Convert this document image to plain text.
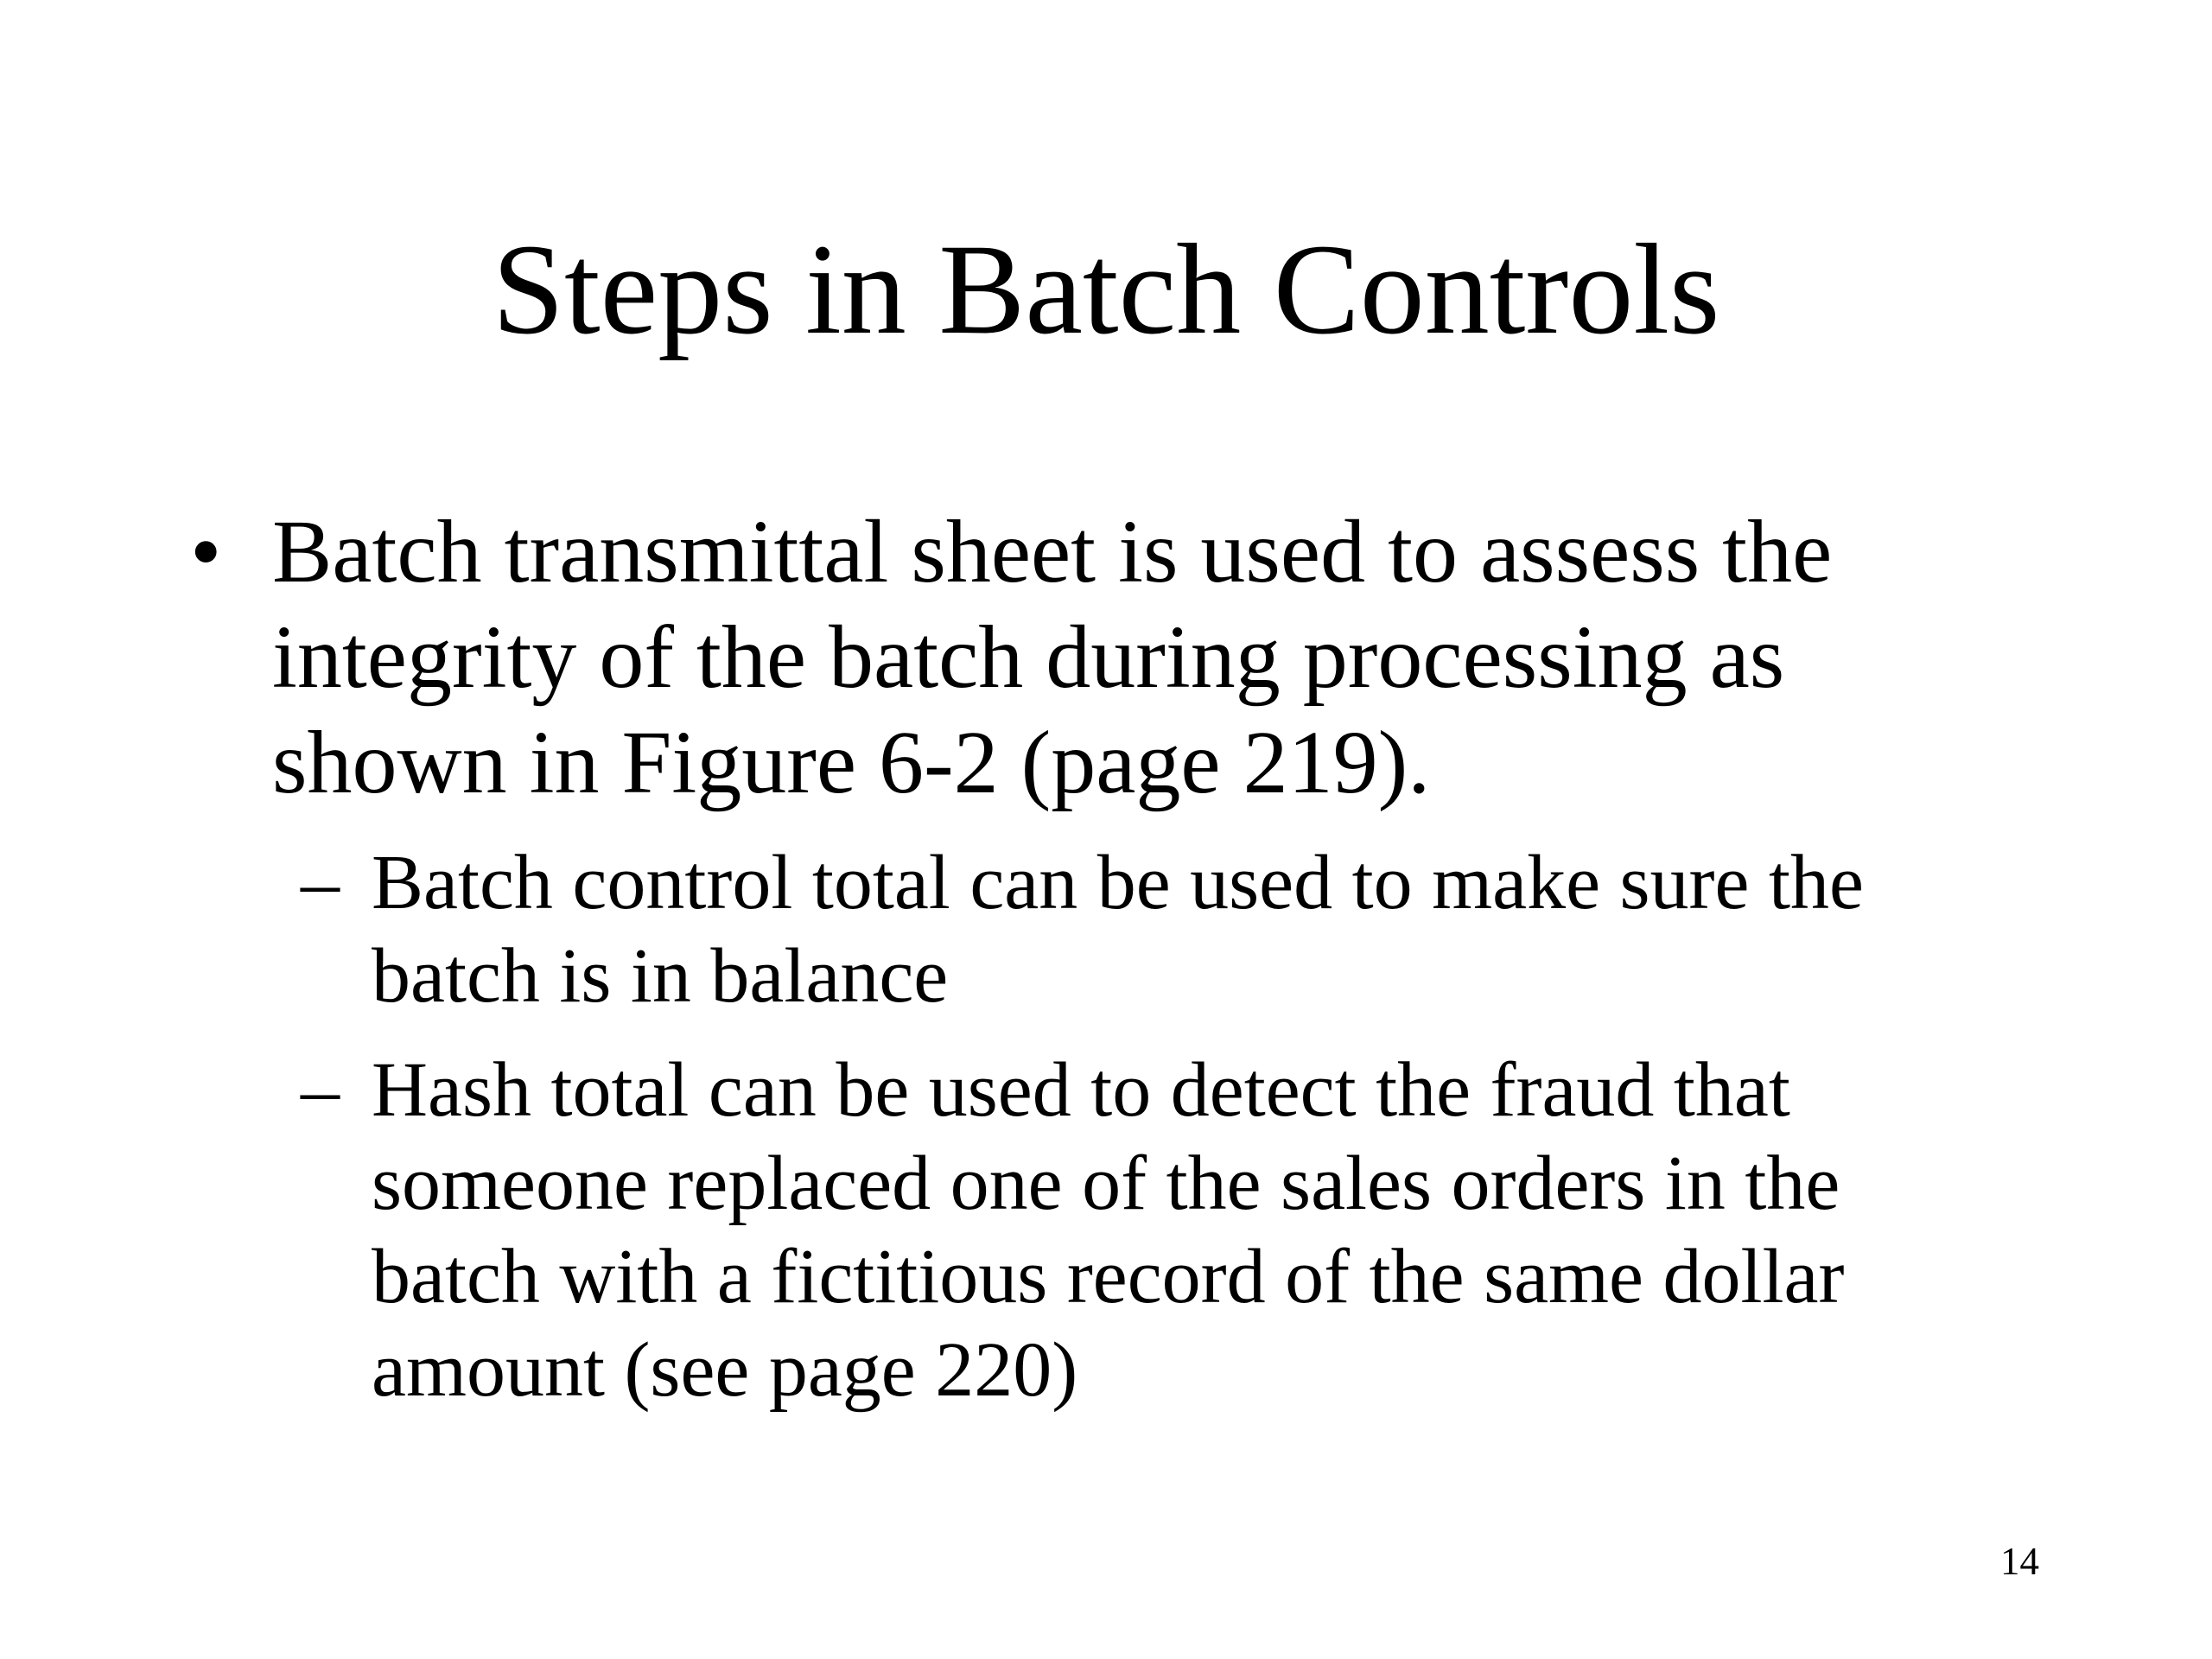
Steps in Batch Controls
• Batch transmittal sheet is used to assess the
integrity of the batch during processing as
shown in Figure 6-2 (page 219).
– Batch control total can be used to make sure the
batch is in balance
– Hash total can be used to detect the fraud that
someone replaced one of the sales orders in the
batch with a fictitious record of the same dollar
amount (see page 220)
14
